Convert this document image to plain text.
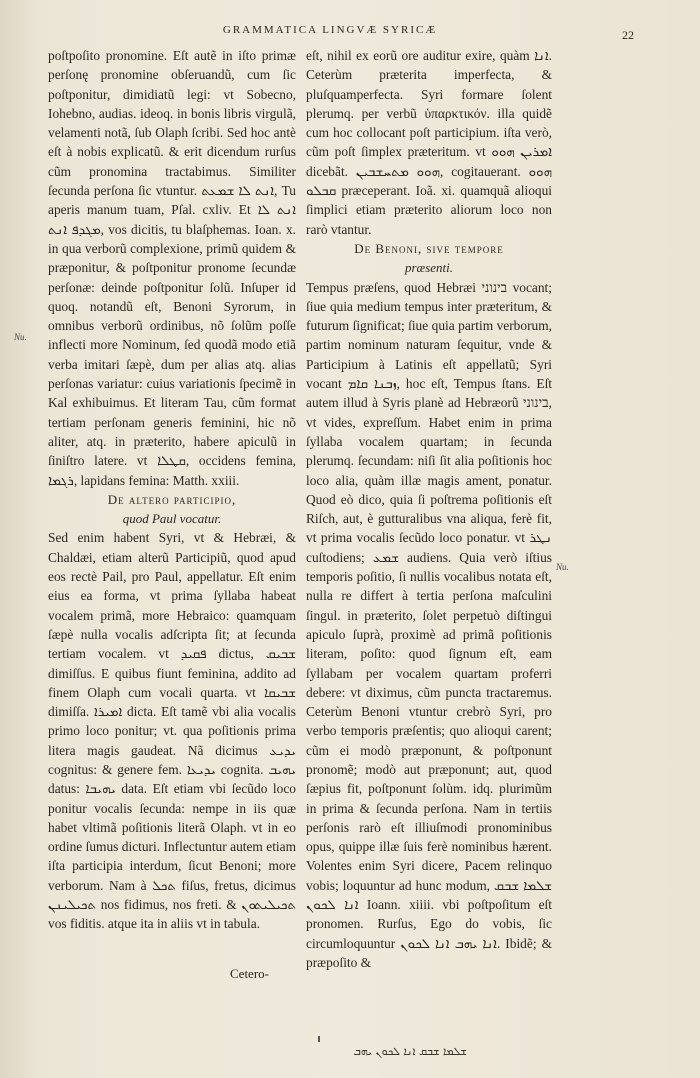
GRAMMATICA LINGVÆ SYRICÆ	22
Nu.
Nu.

poſtpoſito pronomine. Eſt autẽ in iſto primæ perſonę pronomine obſeruandũ, cum ſic poſtponitur, dimidiatũ legi: vt Sobecno, Iohebno, audias. ideoq. in bonis libris virgulã, velamenti notã, ſub Olaph ſcribi. Sed hoc antè eſt à nobis explicatũ. & erit dicendum rurſus cũm pronomina tractabimus. Similiter ſecunda perſona ſic vtuntur. ܐܢܬ ܠܐ ܫܡܥܬ, Tu aperis manum tuam, Pſal. cxliv. Et ܐܢܬ ܠܐ ܡܓܕܦ ܐܢܬ, vos dicitis, tu blaſphemas. Ioan. x. in qua verborũ complexione, primũ quidem & præponitur, & poſtponitur pronome ſecundæ perſonæ: deinde poſtponitur ſolũ. Inſuper id quoq. notandũ eſt, Benoni Syrorum, in omnibus verborũ ordinibus, nõ ſolũm poſſe inflecti more Nominum, ſed quodã modo etiã verba imitari ſæpè, dum per alias atq. alias perſonas variatur: cuius variationis ſpecimẽ in Kal exhibuimus. Et literam Tau, cũm format tertiam perſonam generis feminini, hic nõ aliter, atq. in præterito, habere apiculũ in ſiniſtro latere. vt ܩܛܠܐ, occidens femina, ܪܓܡܐ, lapidans femina: Matth. xxiii.

De altero participio,
quod Paul vocatur.

Sed enim habent Syri, vt & Hebræi, & Chaldæi, etiam alterũ Participiũ, quod apud eos rectè Pail, pro Paul, appellatur. Eſt enim eius ea forma, vt prima ſyllaba habeat vocalem primã, more Hebraico: quamquam ſæpè nulla vocalis adſcripta ſit; at ſecunda tertiam vocalem. vt ܦܩܝܕ dictus, ܫܒܝܩ dimiſſus. E quibus fiunt feminina, addito ad finem Olaph cum vocali quarta. vt ܫܒܝܩܐ dimiſſa. ܐܡܝܪܐ dicta. Eſt tamẽ vbi alia vocalis primo loco ponitur; vt. qua poſitionis prima litera magis gaudeat. Nã dicimus ܝܕܝܥ cognitus: & genere fem. ܝܕܝܥܐ cognita. ܝܗܝܒ datus: ܝܗܝܒܐ data. Eſt etiam vbi ſecũdo loco ponitur vocalis ſecunda: nempe in iis quæ habet vltimã poſitionis literã Olaph. vt in eo ordine ſumus dicturi. Inflectuntur autem etiam iſta participia interdum, ſicut Benoni; more verborum. Nam à ܬܟܠ fiſus, fretus, dicimus ܬܟܝܠܝܢܢ nos fidimus, nos freti. & ܬܟܝܠܝܬܘܢ vos fiditis. atque ita in aliis vt in tabula.

eſt, nihil ex eorũ ore auditur exire, quàm ܐܢܐ. Ceterùm præterita imperfecta, & pluſquamperfecta. Syri formare ſolent plerumq. per verbũ ὑπαρκτικόν. illa quidẽ cum hoc collocant poſt participium. iſta verò, cũm poſt ſimplex præteritum. vt ܐܡܪܝܢ ܗܘܘ dicebãt. ܗܘܘ ܡܬܚܫܒܝܢ, cogitauerant. ܗܘܘ ܩܒܠܘ præceperant. Ioã. xi. quamquã alioqui ſimplici etiam præterito aliorum loco non rarò vtantur.

De Benoni, sive tempore
præsenti.

Tempus præſens, quod Hebræi בינוני vocant; ſiue quia medium tempus inter præteritum, & futurum ſignificat; ſiue quia partim verborum, partim nominum naturam ſequitur, vnde & Participium à Latinis eſt appellatũ; Syri vocant ܙܒܢܐ ܩܐܡ, hoc eſt, Tempus ſtans. Eſt autem illud à Syris planè ad Hebræorũ בינוני, vt vides, expreſſum. Habet enim in prima ſyllaba vocalem quartam; in ſecunda plerumq. ſecundam: niſi ſit alia poſitionis hoc loco alia, quàm illæ magis ament, ponatur. Quod eò dico, quia ſi poſtrema poſitionis eſt Riſch, aut, è gutturalibus vna aliqua, ferè fit, vt prima vocalis ſecũdo loco ponatur. vt ܢܛܪ cuſtodiens; ܫܡܥ audiens. Quia verò iſtius temporis poſitio, ſi nullis vocalibus notata eſt, nulla re differt à tertia perſona maſculini ſingul. in præterito, ſolet perpetuò diſtingui apiculo ſuprà, proximè ad primã poſitionis literam, poſito: quod ſignum eſt, eam ſyllabam per vocalem quartam proferri debere: vt diximus, cũm puncta tractaremus. Ceterùm Benoni vtuntur crebrò Syri, pro verbo temporis præſentis; quo alioqui carent; cũm ei modò præponunt, & poſtponunt pronomẽ; modò aut præponunt; aut, quod ſæpius fit, poſtponunt ſolùm. idq. plurimũm in prima & ſecunda perſona. Nam in tertiis perſonis rarò eſt illiuſmodi pronominibus opus, quippe illæ ſuis ferè nominibus hærent. Volentes enim Syri dicere, Pacem relinquo vobis; loquuntur ad hunc modum, ܫܠܡܐ ܫܒܩ ܐܢܐ ܠܟܘܢ Ioann. xiiii. vbi poſtpoſitum eſt pronomen. Rurſus, Ego do vobis, ſic circumloquuntur ܐܢܐ ܝܗܒ ܐܢܐ ܠܟܘܢ. Ibidẽ; & præpoſito &

Cetero-
ܫܠܡܐ ܫܒܩ ܐܢܐ ܠܟܘܢ ܝܗܒ
